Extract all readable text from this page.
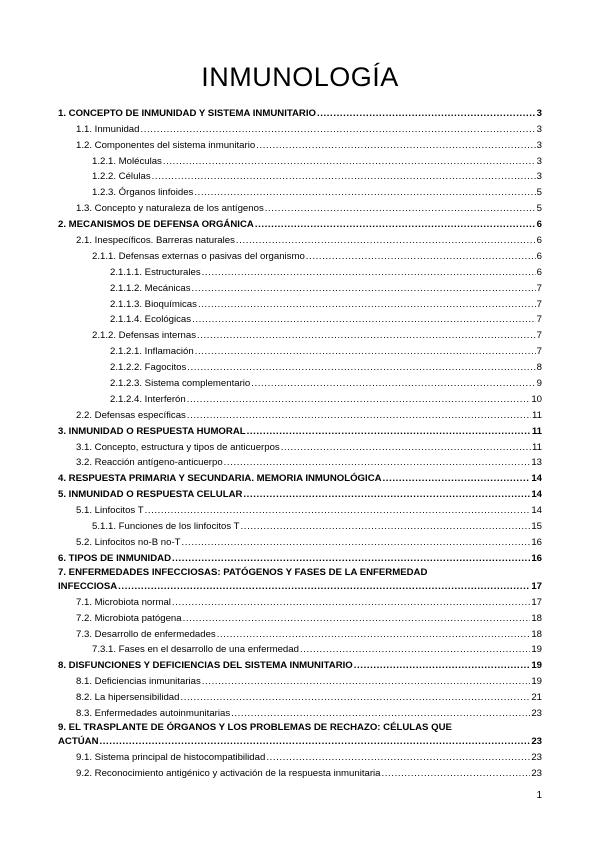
INMUNOLOGÍA
1. CONCEPTO DE INMUNIDAD Y SISTEMA INMUNITARIO .....	3
1.1. Inmunidad .....	3
1.2. Componentes del sistema inmunitario .....	3
1.2.1. Moléculas .....	3
1.2.2. Células .....	3
1.2.3. Órganos linfoides .....	5
1.3. Concepto y naturaleza de los antígenos .....	5
2. MECANISMOS DE DEFENSA ORGÁNICA .....	6
2.1. Inespecíficos. Barreras naturales .....	6
2.1.1. Defensas externas o pasivas del organismo .....	6
2.1.1.1. Estructurales .....	6
2.1.1.2. Mecánicas .....	7
2.1.1.3. Bioquímicas .....	7
2.1.1.4. Ecológicas .....	7
2.1.2. Defensas internas .....	7
2.1.2.1. Inflamación .....	7
2.1.2.2. Fagocitos .....	8
2.1.2.3. Sistema complementario .....	9
2.1.2.4. Interferón .....	10
2.2. Defensas específicas .....	11
3. INMUNIDAD O RESPUESTA HUMORAL .....	11
3.1. Concepto, estructura y tipos de anticuerpos .....	11
3.2. Reacción antígeno-anticuerpo .....	13
4. RESPUESTA PRIMARIA Y SECUNDARIA. MEMORIA INMUNOLÓGICA .....	14
5. INMUNIDAD O RESPUESTA CELULAR .....	14
5.1. Linfocitos T .....	14
5.1.1. Funciones de los linfocitos T .....	15
5.2. Linfocitos no-B no-T .....	16
6. TIPOS DE INMUNIDAD .....	16
7. ENFERMEDADES INFECCIOSAS: PATÓGENOS Y FASES DE LA ENFERMEDAD
INFECCIOSA .....	17
7.1. Microbiota normal .....	17
7.2. Microbiota patógena .....	18
7.3. Desarrollo de enfermedades .....	18
7.3.1. Fases en el desarrollo de una enfermedad .....	19
8. DISFUNCIONES Y DEFICIENCIAS DEL SISTEMA INMUNITARIO .....	19
8.1. Deficiencias inmunitarias .....	19
8.2. La hipersensibilidad .....	21
8.3. Enfermedades autoinmunitarias .....	23
9. EL TRASPLANTE DE ÓRGANOS Y LOS PROBLEMAS DE RECHAZO: CÉLULAS QUE
ACTÚAN .....	23
9.1. Sistema principal de histocompatibilidad .....	23
9.2. Reconocimiento antigénico y activación de la respuesta inmunitaria .....	23
1
